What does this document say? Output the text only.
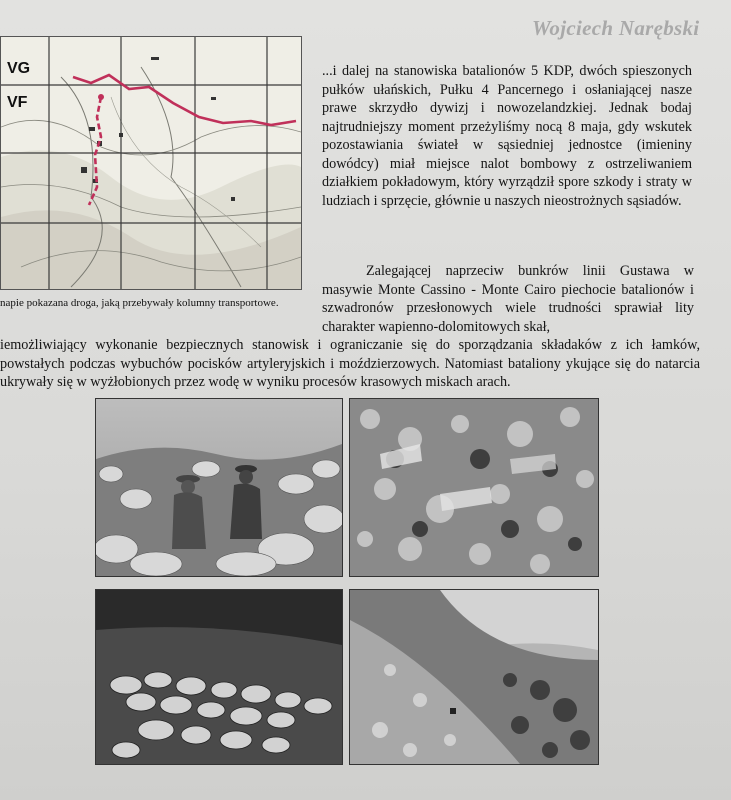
Wojciech Narębski
VG
VF
napie pokazana droga, jaką przebywały kolumny transportowe.

...i dalej na stanowiska batalionów 5 KDP, dwóch spieszonych pułków ułańskich, Pułku 4 Pancernego i osłaniającej nasze prawe skrzydło dywizj i nowozelandzkiej. Jednak bodaj najtrudniejszy moment przeżyliśmy nocą 8 maja, gdy wskutek pozostawiania świateł w sąsiedniej jednostce (imieniny dowódcy) miał miejsce nalot bombowy z ostrzeliwaniem działkiem pokładowym, który wyrządził spore szkody i straty w ludziach i sprzęcie, głównie u naszych nieostrożnych sąsiadów.

Zalegającej naprzeciw bunkrów linii Gustawa w masywie Monte Cassino - Monte Cairo piechocie batalionów i szwadronów przesłonowych wiele trudności sprawiał lity charakter wapienno-dolomitowych skał,

iemożliwiający wykonanie bezpiecznych stanowisk i ograniczanie się do sporządzania składaków z ich łamków, powstałych podczas wybuchów pocisków artyleryjskich i moździerzowych. Natomiast bataliony ykujące się do natarcia ukrywały się w wyżłobionych przez wodę w wyniku procesów krasowych miskach arach.
